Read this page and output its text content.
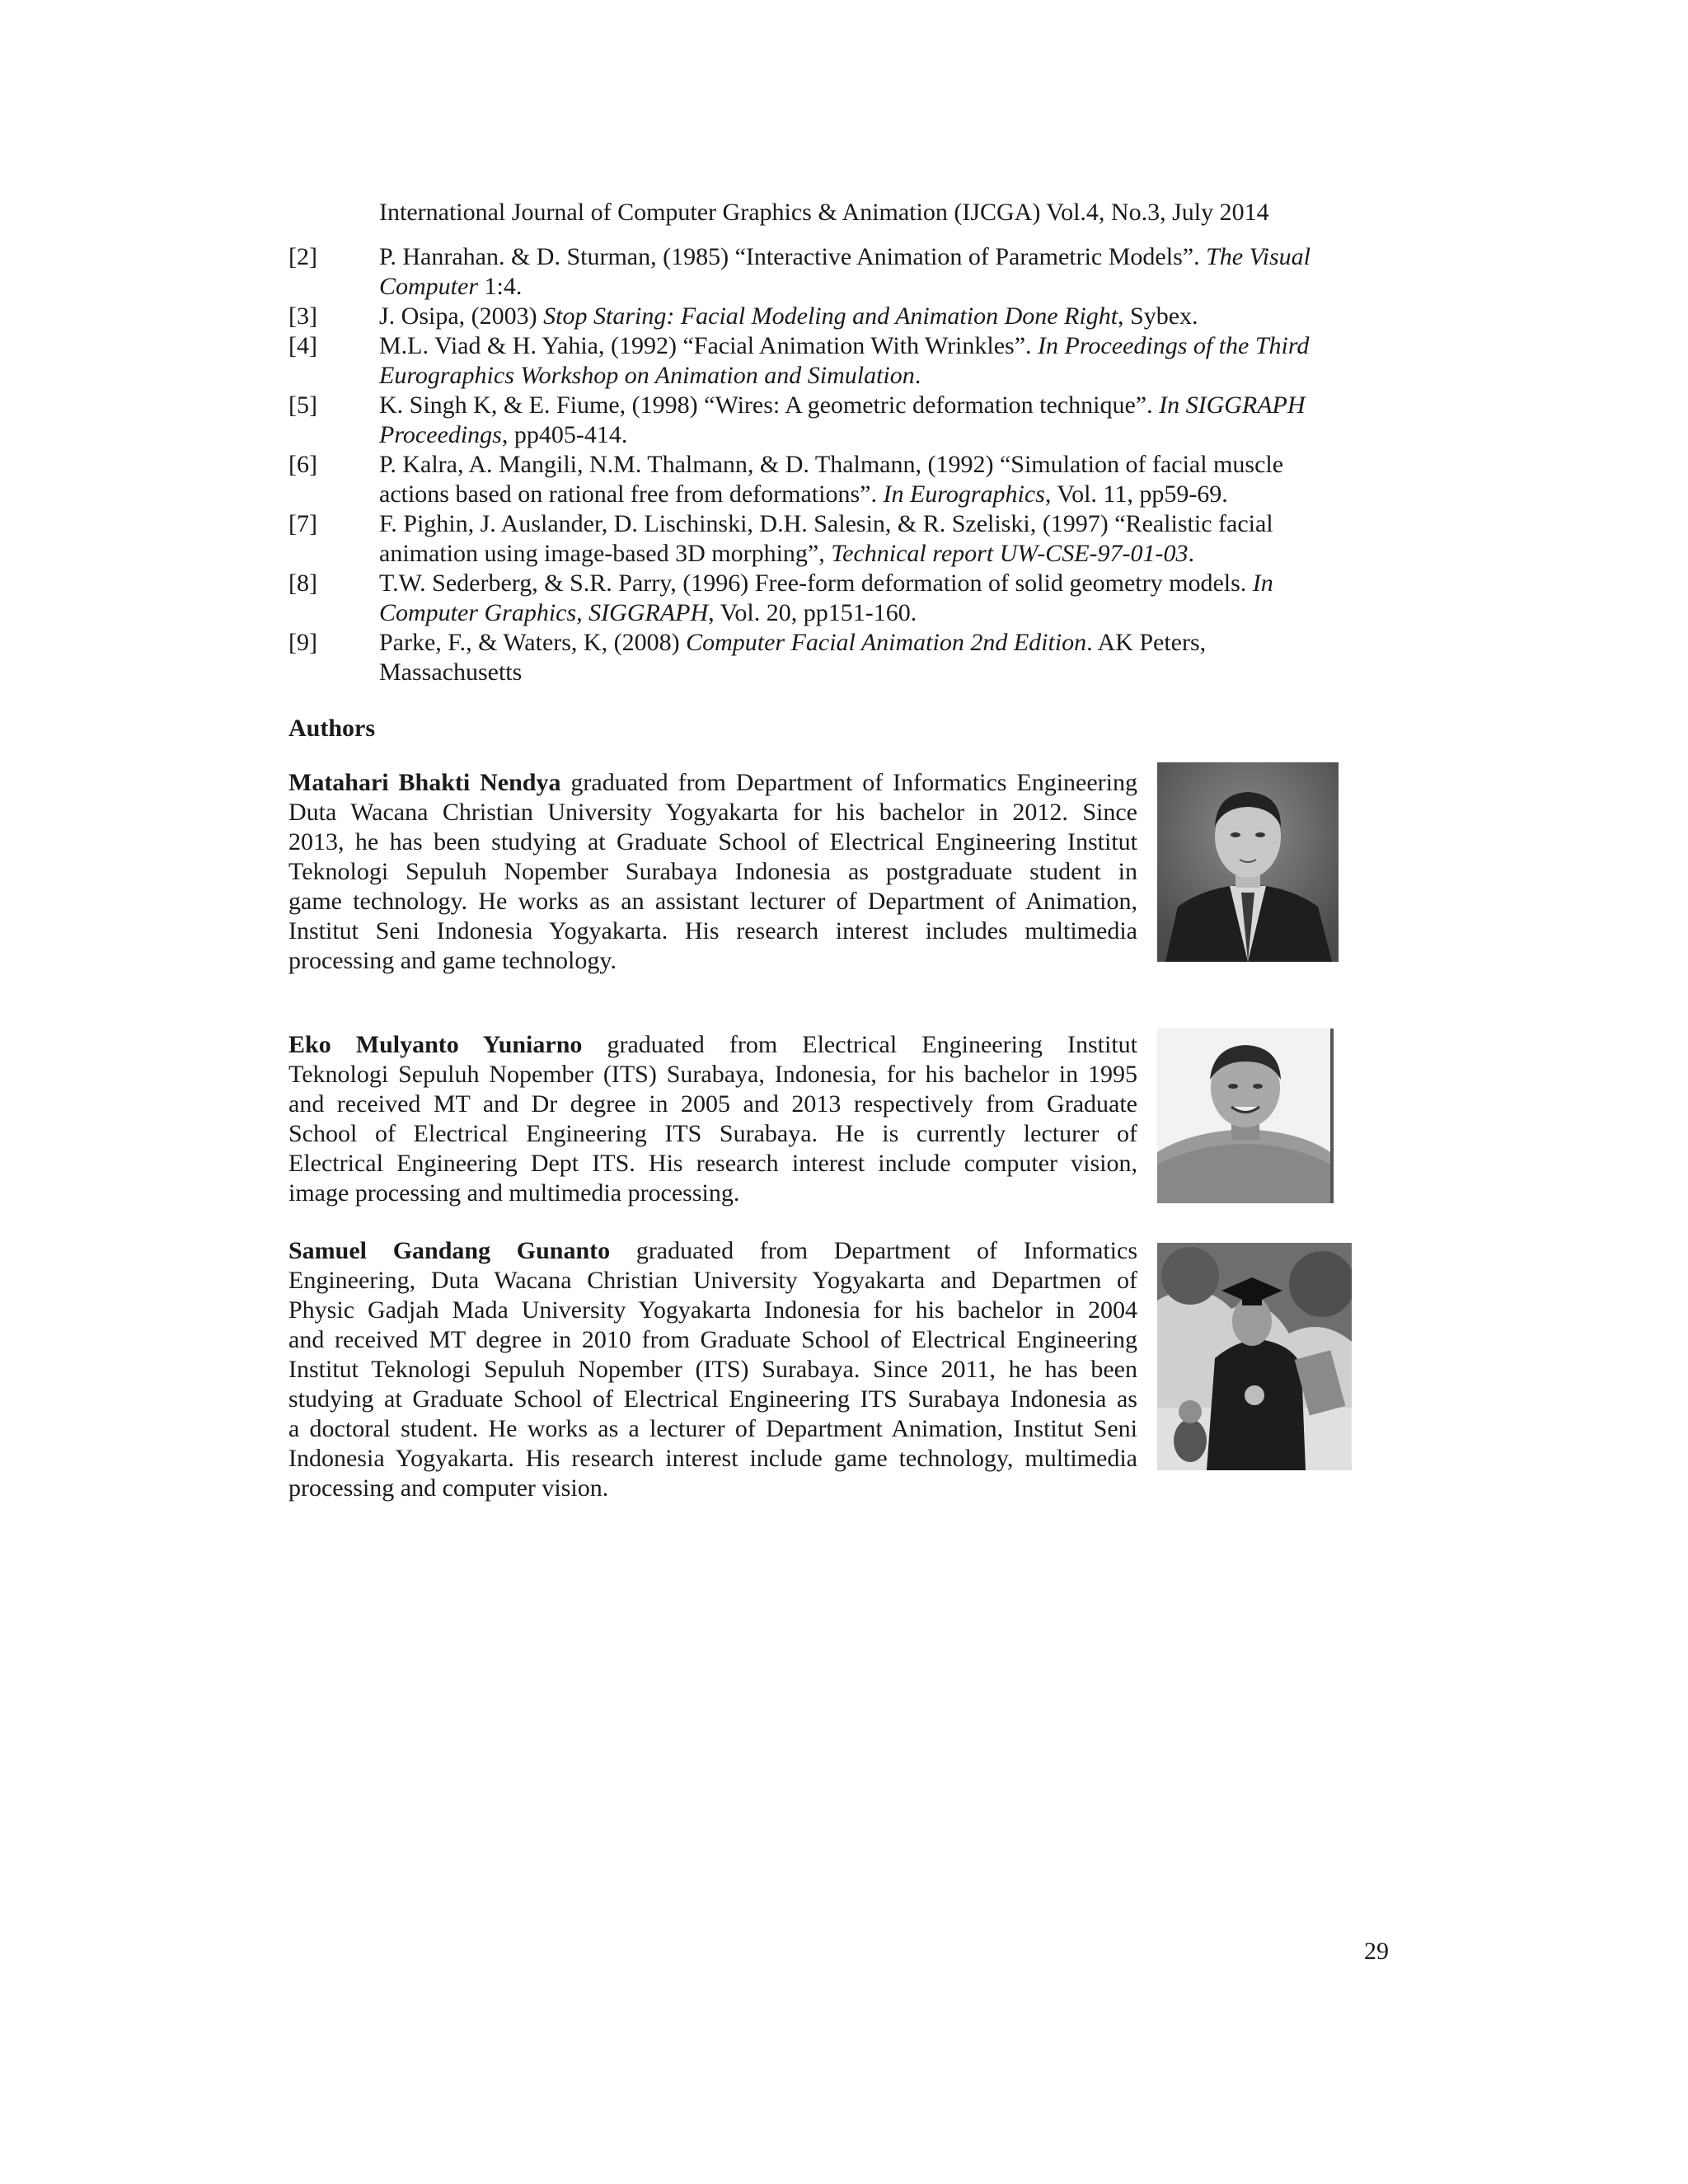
International Journal of Computer Graphics & Animation (IJCGA) Vol.4, No.3, July 2014
[2]	P. Hanrahan. & D. Sturman, (1985) “Interactive Animation of Parametric Models”. The Visual
Computer 1:4.
[3]	J. Osipa, (2003) Stop Staring: Facial Modeling and Animation Done Right, Sybex.
[4]	M.L. Viad & H. Yahia, (1992) “Facial Animation With Wrinkles”. In Proceedings of the Third
Eurographics Workshop on Animation and Simulation.
[5]	K. Singh K, & E. Fiume, (1998) “Wires: A geometric deformation technique”. In SIGGRAPH
Proceedings, pp405-414.
[6]	P. Kalra, A. Mangili, N.M. Thalmann, & D. Thalmann, (1992) “Simulation of facial muscle
actions based on rational free from deformations”. In Eurographics, Vol. 11, pp59-69.
[7]	F. Pighin, J. Auslander, D. Lischinski, D.H. Salesin, & R. Szeliski, (1997) “Realistic facial
animation using image-based 3D morphing”, Technical report UW-CSE-97-01-03.
[8]	T.W. Sederberg, & S.R. Parry, (1996) Free-form deformation of solid geometry models. In
Computer Graphics, SIGGRAPH, Vol. 20, pp151-160.
[9]	Parke, F., & Waters, K, (2008) Computer Facial Animation 2nd Edition. AK Peters,
Massachusetts
Authors
Matahari Bhakti Nendya graduated from Department of Informatics Engineering
Duta Wacana Christian University Yogyakarta for his bachelor in 2012. Since
2013, he has been studying at Graduate School of Electrical Engineering Institut
Teknologi Sepuluh Nopember Surabaya Indonesia as postgraduate student in
game technology. He works as an assistant lecturer of Department of Animation,
Institut Seni Indonesia Yogyakarta. His research interest includes multimedia
processing and game technology.
Eko Mulyanto Yuniarno graduated from Electrical Engineering Institut
Teknologi Sepuluh Nopember (ITS) Surabaya, Indonesia, for his bachelor in 1995
and received MT and Dr degree in 2005 and 2013 respectively from Graduate
School of Electrical Engineering ITS Surabaya. He is currently lecturer of
Electrical Engineering Dept ITS. His research interest include computer vision,
image processing and multimedia processing.
Samuel Gandang Gunanto graduated from Department of Informatics
Engineering, Duta Wacana Christian University Yogyakarta and Departmen of
Physic Gadjah Mada University Yogyakarta Indonesia for his bachelor in 2004
and received MT degree in 2010 from Graduate School of Electrical Engineering
Institut Teknologi Sepuluh Nopember (ITS) Surabaya. Since 2011, he has been
studying at Graduate School of Electrical Engineering ITS Surabaya Indonesia as
a doctoral student. He works as a lecturer of Department Animation, Institut Seni
Indonesia Yogyakarta. His research interest include game technology, multimedia
processing and computer vision.
29
